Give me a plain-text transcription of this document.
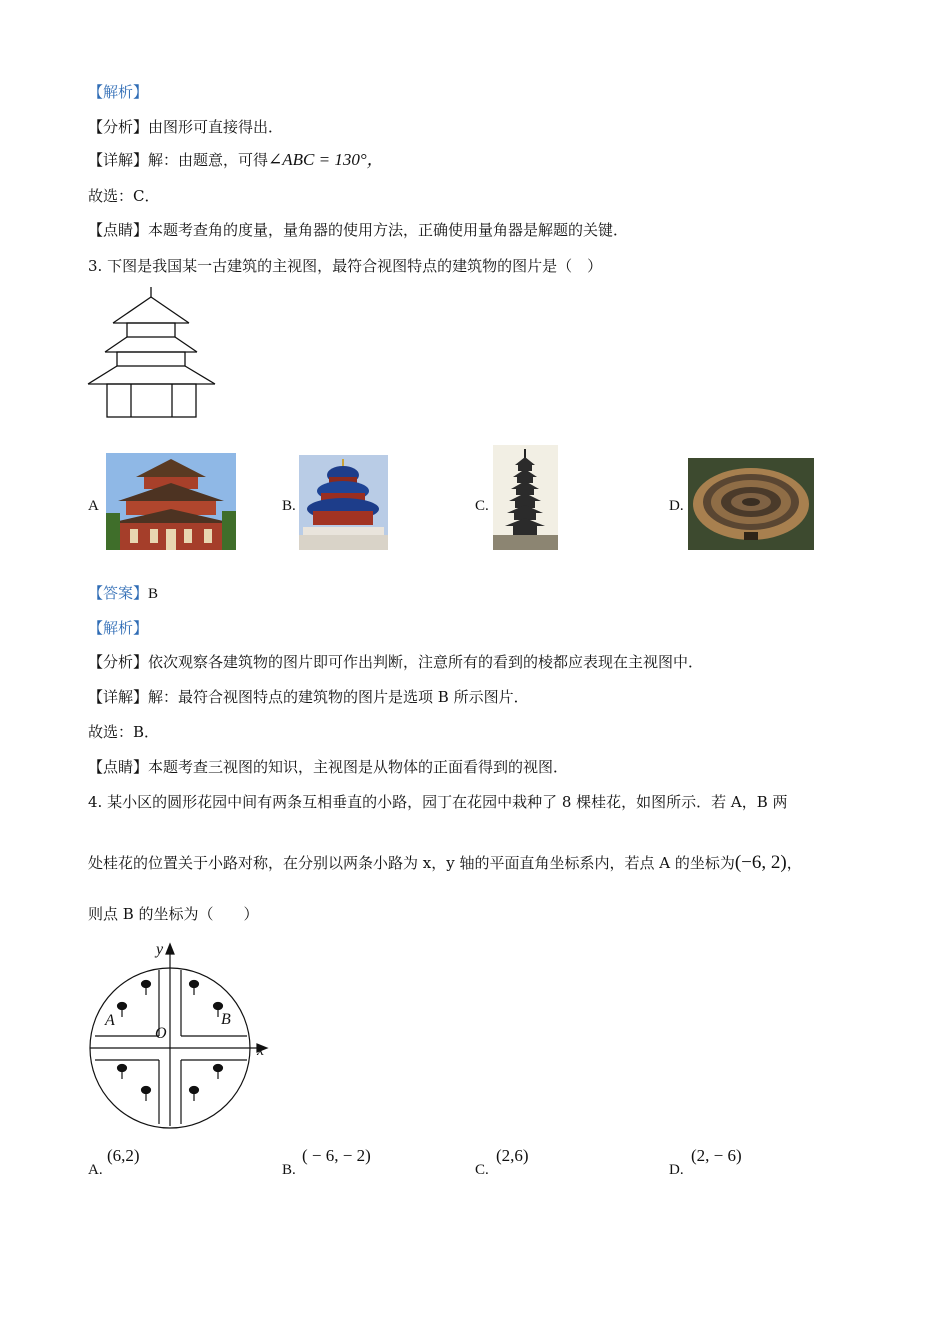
【解析】
【分析】由图形可直接得出．
【详解】解：由题意，可得∠ABC = 130°，
故选：C．
【点睛】本题考查角的度量，量角器的使用方法，正确使用量角器是解题的关键．
3. 下图是我国某一古建筑的主视图，最符合视图特点的建筑物的图片是（　）
A	B.	C.	D.
【答案】B
【解析】
【分析】依次观察各建筑物的图片即可作出判断，注意所有的看到的棱都应表现在主视图中．
【详解】解：最符合视图特点的建筑物的图片是选项 B 所示图片．
故选：B．
【点睛】本题考查三视图的知识，主视图是从物体的正面看得到的视图．
4. 某小区的圆形花园中间有两条互相垂直的小路，园丁在花园中栽种了 8 棵桂花，如图所示．若 A，B 两
处桂花的位置关于小路对称，在分别以两条小路为 x，y 轴的平面直角坐标系内，若点 A 的坐标为(−6, 2)，
则点 B 的坐标为（　　）
y
x
O
A	B
A.
(6,2)
B.
( − 6, − 2)
C.
(2,6)
D.
(2, − 6)
